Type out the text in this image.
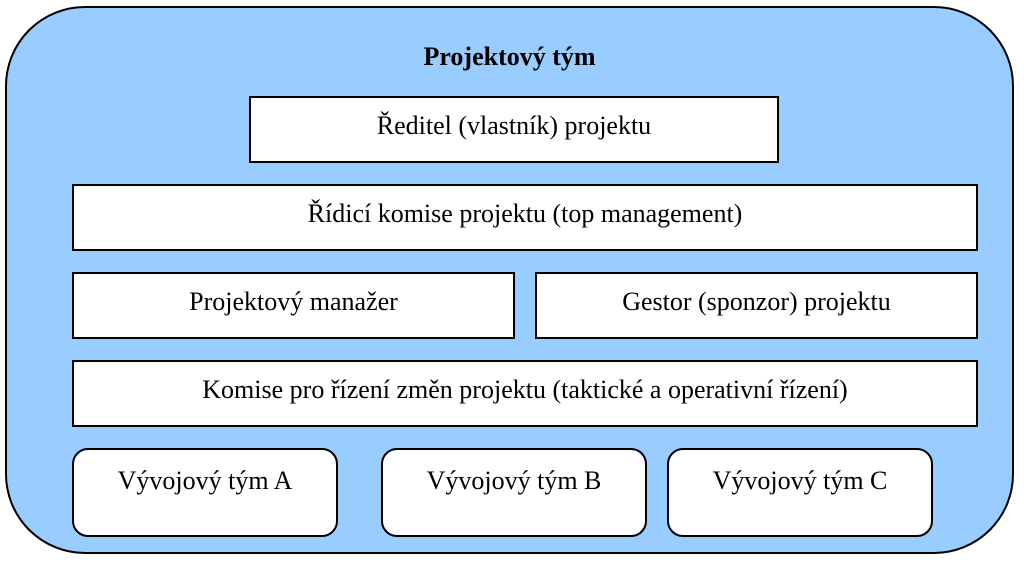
Projektový tým
Ředitel (vlastník) projektu
Řídicí komise projektu (top management)
Projektový manažer	Gestor (sponzor) projektu
Komise pro řízení změn projektu (taktické a operativní řízení)
Vývojový tým A	Vývojový tým B	Vývojový tým C
